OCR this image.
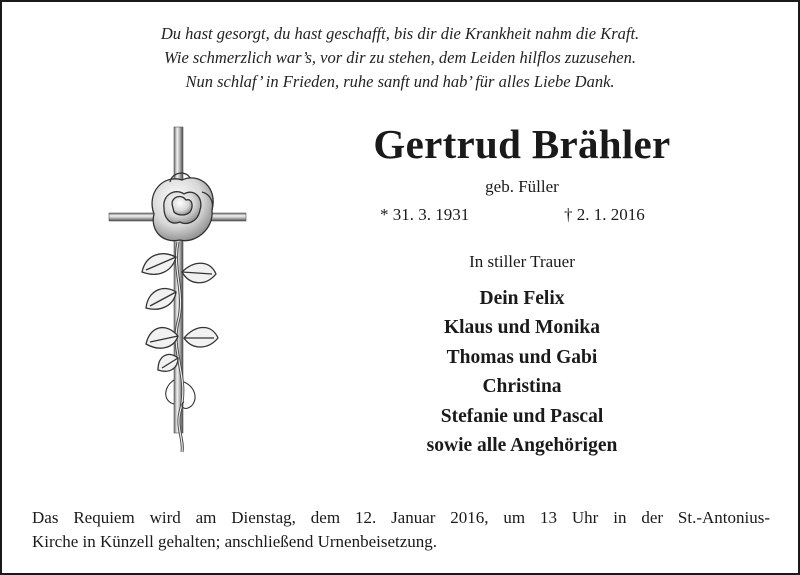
Du hast gesorgt, du hast geschafft, bis dir die Krankheit nahm die Kraft.
Wie schmerzlich war’s, vor dir zu stehen, dem Leiden hilflos zuzusehen.
Nun schlaf’ in Frieden, ruhe sanft und hab’ für alles Liebe Dank.
Gertrud Brähler
geb. Füller
* 31. 3. 1931	† 2. 1. 2016
In stiller Trauer
Dein Felix
Klaus und Monika
Thomas und Gabi
Christina
Stefanie und Pascal
sowie alle Angehörigen
Das Requiem wird am Dienstag, dem 12. Januar 2016, um 13 Uhr in der St.-Antonius-
Kirche in Künzell gehalten; anschließend Urnenbeisetzung.
